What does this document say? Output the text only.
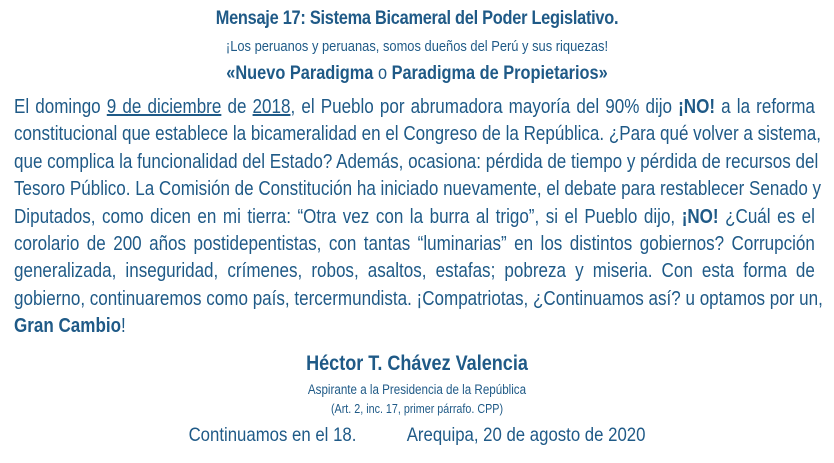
Mensaje 17: Sistema Bicameral del Poder Legislativo.
¡Los peruanos y peruanas, somos dueños del Perú y sus riquezas!
«Nuevo Paradigma o Paradigma de Propietarios»
El domingo 9 de diciembre de 2018, el Pueblo por abrumadora mayoría del 90% dijo ¡NO! a la reforma
constitucional que establece la bicameralidad en el Congreso de la República. ¿Para qué volver a sistema,
que complica la funcionalidad del Estado? Además, ocasiona: pérdida de tiempo y pérdida de recursos del
Tesoro Público. La Comisión de Constitución ha iniciado nuevamente, el debate para restablecer Senado y
Diputados, como dicen en mi tierra: “Otra vez con la burra al trigo”, si el Pueblo dijo, ¡NO! ¿Cuál es el
corolario de 200 años postidepentistas, con tantas “luminarias” en los distintos gobiernos? Corrupción
generalizada, inseguridad, crímenes, robos, asaltos, estafas; pobreza y miseria. Con esta forma de
gobierno, continuaremos como país, tercermundista. ¡Compatriotas, ¿Continuamos así? u optamos por un,
Gran Cambio!
Héctor T. Chávez Valencia
Aspirante a la Presidencia de la República
(Art. 2, inc. 17, primer párrafo. CPP)
Continuamos en el 18.	Arequipa, 20 de agosto de 2020
